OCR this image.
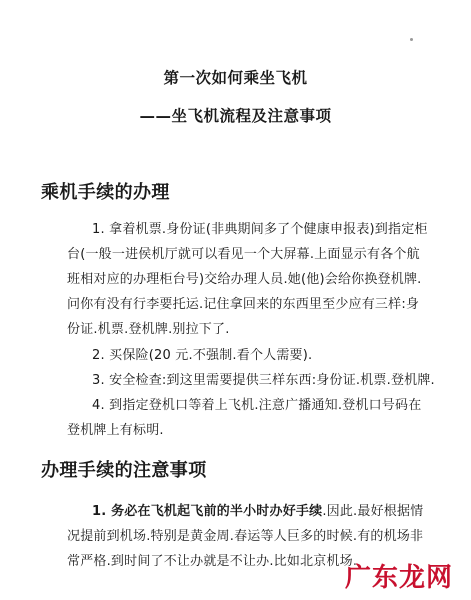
第一次如何乘坐飞机
——坐飞机流程及注意事项
乘机手续的办理
1. 拿着机票.身份证(非典期间多了个健康申报表)到指定柜
台(一般一进侯机厅就可以看见一个大屏幕.上面显示有各个航
班相对应的办理柜台号)交给办理人员.她(他)会给你换登机牌.
问你有没有行李要托运.记住拿回来的东西里至少应有三样:身
份证.机票.登机牌.别拉下了.
2. 买保险(20 元.不强制.看个人需要).
3. 安全检查:到这里需要提供三样东西:身份证.机票.登机牌.
4. 到指定登机口等着上飞机.注意广播通知.登机口号码在
登机牌上有标明.
办理手续的注意事项
1. 务必在飞机起飞前的半小时办好手续.因此.最好根据情
况提前到机场.特别是黄金周.春运等人巨多的时候.有的机场非
常严格.到时间了不让办就是不让办.比如北京机场.
广东龙网
